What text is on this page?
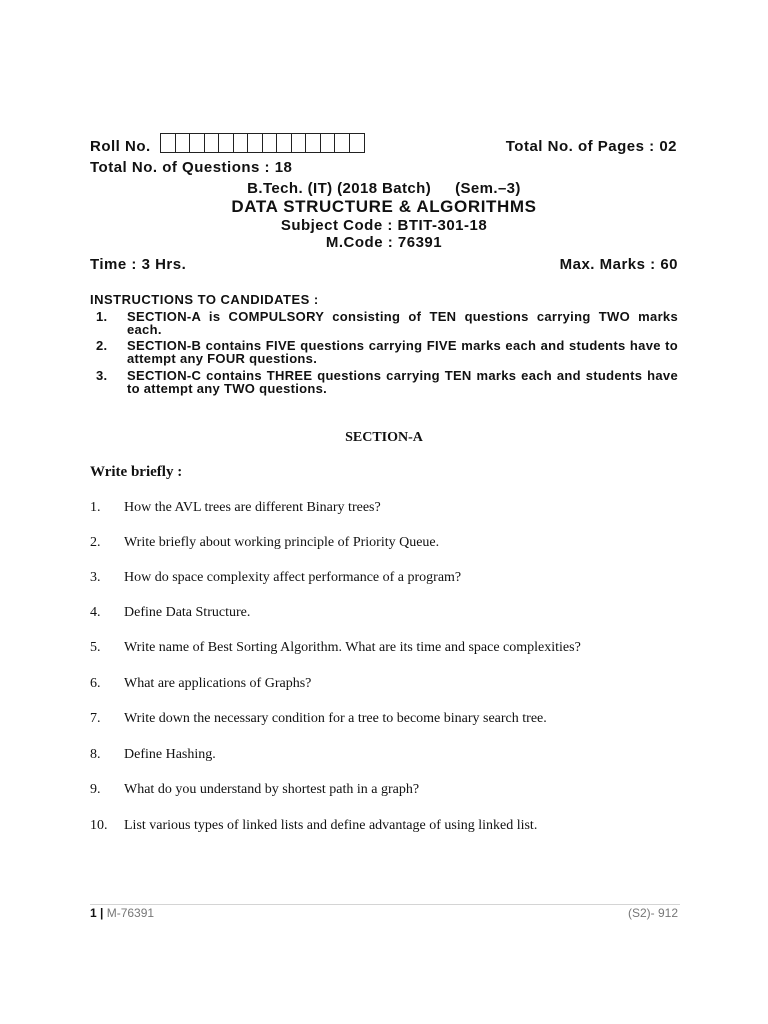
Roll No.	Total No. of Pages : 02
Total No. of Questions : 18
B.Tech. (IT) (2018 Batch) (Sem.–3)
DATA STRUCTURE & ALGORITHMS
Subject Code : BTIT-301-18
M.Code : 76391
Time : 3 Hrs.	Max. Marks : 60
INSTRUCTIONS TO CANDIDATES :
1.	SECTION-A is COMPULSORY consisting of TEN questions carrying TWO marks each.
2.	SECTION-B contains FIVE questions carrying FIVE marks each and students have to attempt any FOUR questions.
3.	SECTION-C contains THREE questions carrying TEN marks each and students have to attempt any TWO questions.
SECTION-A
Write briefly :
1.	How the AVL trees are different Binary trees?
2.	Write briefly about working principle of Priority Queue.
3.	How do space complexity affect performance of a program?
4.	Define Data Structure.
5.	Write name of Best Sorting Algorithm. What are its time and space complexities?
6.	What are applications of Graphs?
7.	Write down the necessary condition for a tree to become binary search tree.
8.	Define Hashing.
9.	What do you understand by shortest path in a graph?
10.	List various types of linked lists and define advantage of using linked list.
1 | M-76391	(S2)- 912
